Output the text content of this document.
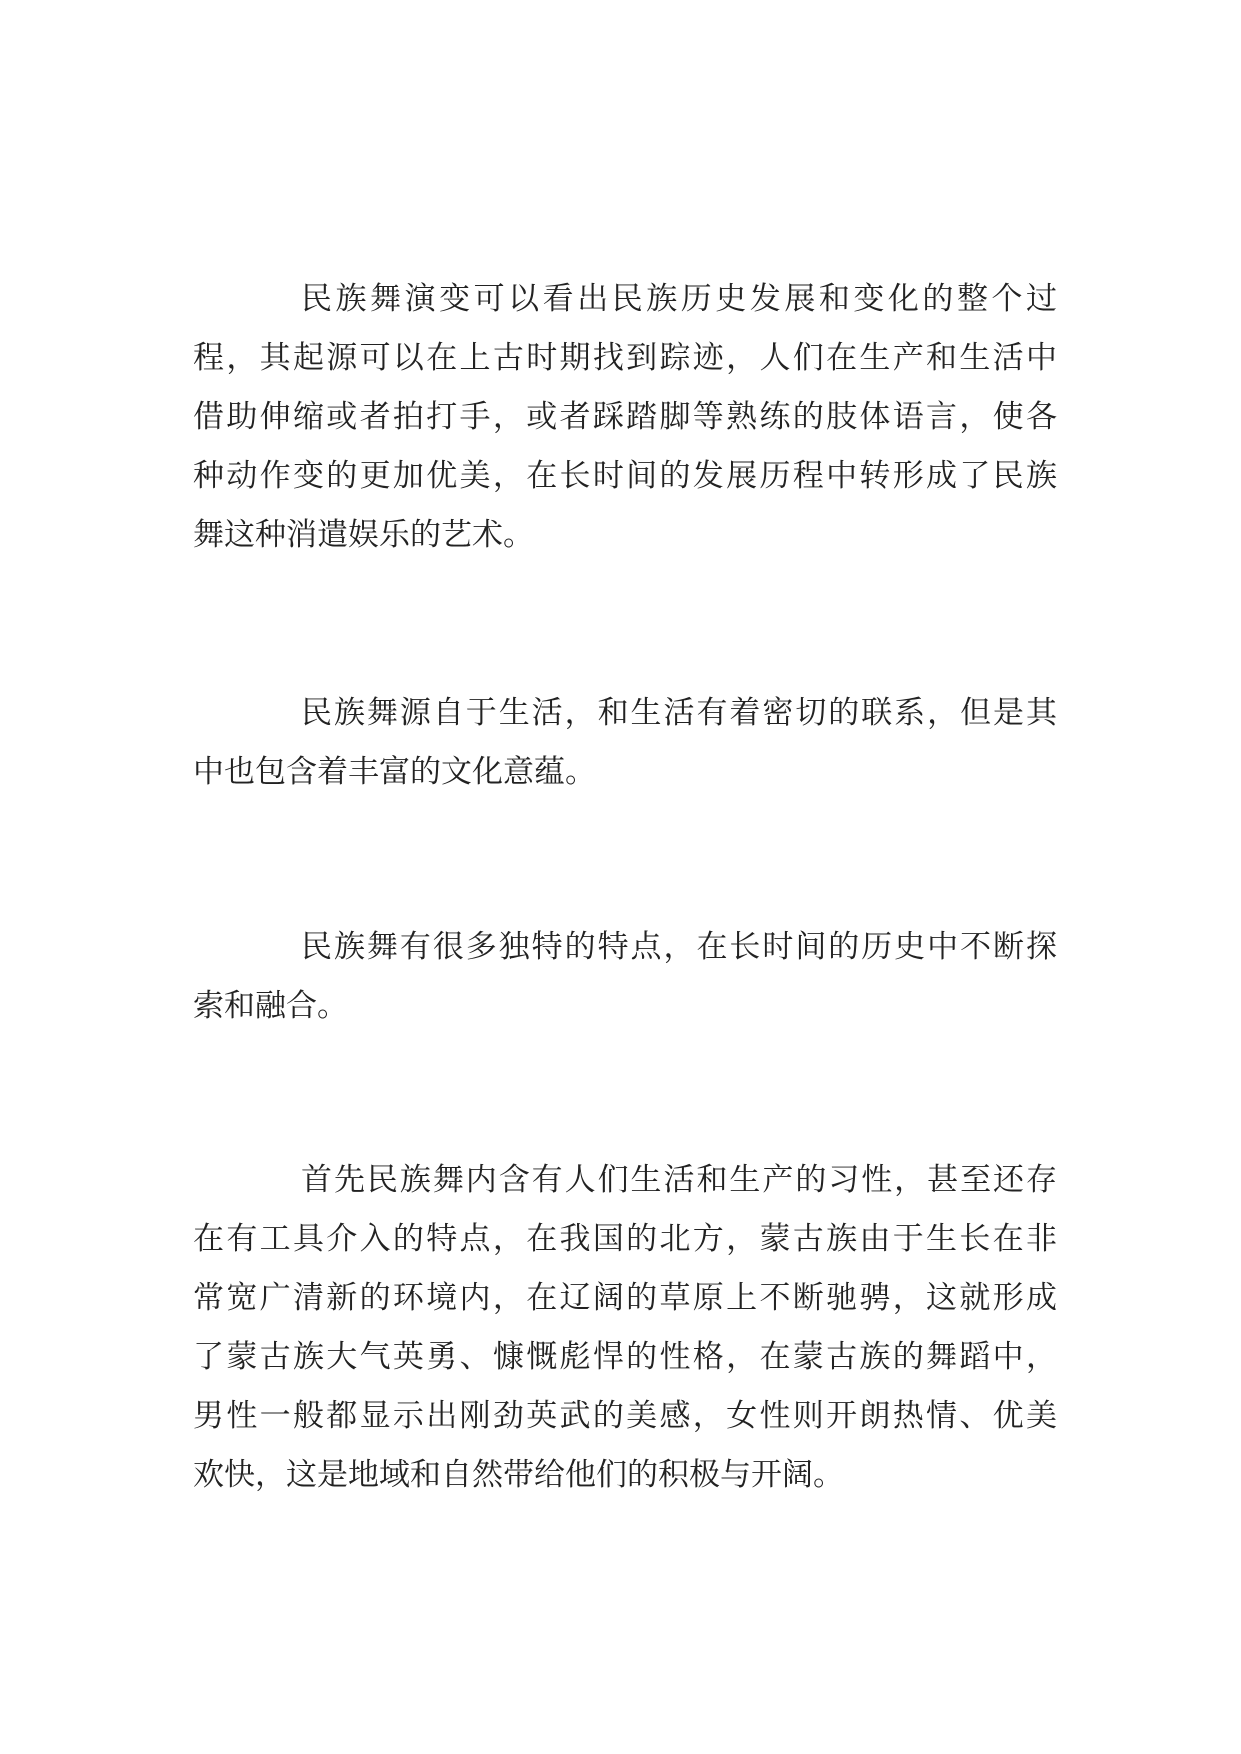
民族舞演变可以看出民族历史发展和变化的整个过
程，其起源可以在上古时期找到踪迹，人们在生产和生活中
借助伸缩或者拍打手，或者踩踏脚等熟练的肢体语言，使各
种动作变的更加优美，在长时间的发展历程中转形成了民族
舞这种消遣娱乐的艺术。
民族舞源自于生活，和生活有着密切的联系，但是其
中也包含着丰富的文化意蕴。
民族舞有很多独特的特点，在长时间的历史中不断探
索和融合。
首先民族舞内含有人们生活和生产的习性，甚至还存
在有工具介入的特点，在我国的北方，蒙古族由于生长在非
常宽广清新的环境内，在辽阔的草原上不断驰骋，这就形成
了蒙古族大气英勇、慷慨彪悍的性格，在蒙古族的舞蹈中，
男性一般都显示出刚劲英武的美感，女性则开朗热情、优美
欢快，这是地域和自然带给他们的积极与开阔。
